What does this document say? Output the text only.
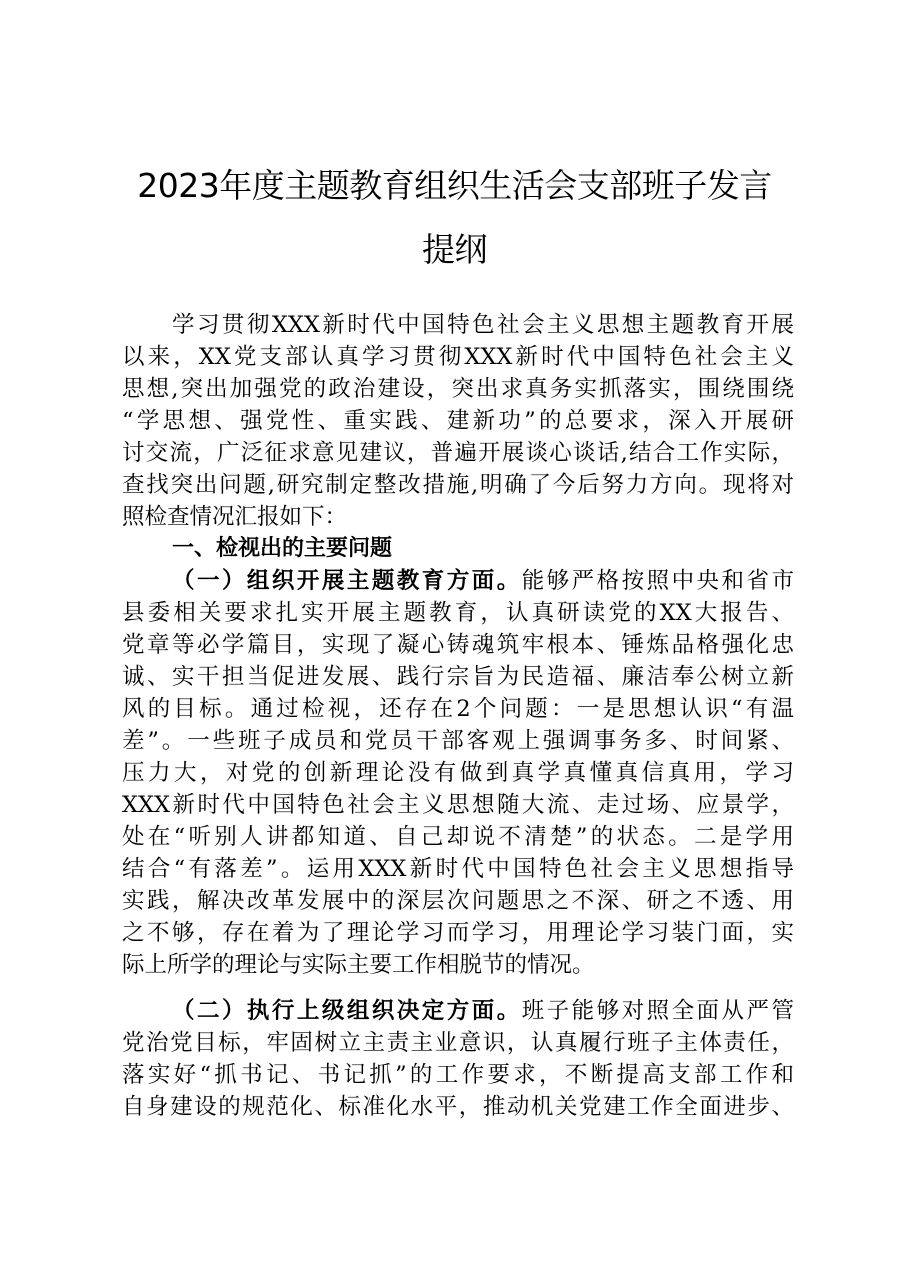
2023年度主题教育组织生活会支部班子发言
提纲
学习贯彻XXX新时代中国特色社会主义思想主题教育开展
以来，XX党支部认真学习贯彻XXX新时代中国特色社会主义
思想,突出加强党的政治建设，突出求真务实抓落实，围绕围绕
“学思想、强党性、重实践、建新功”的总要求，深入开展研
讨交流，广泛征求意见建议，普遍开展谈心谈话,结合工作实际，
查找突出问题,研究制定整改措施,明确了今后努力方向。现将对
照检查情况汇报如下：
一、检视出的主要问题
（一）组织开展主题教育方面。能够严格按照中央和省市
县委相关要求扎实开展主题教育，认真研读党的XX大报告、
党章等必学篇目，实现了凝心铸魂筑牢根本、锤炼品格强化忠
诚、实干担当促进发展、践行宗旨为民造福、廉洁奉公树立新
风的目标。通过检视，还存在2个问题：一是思想认识“有温
差”。一些班子成员和党员干部客观上强调事务多、时间紧、
压力大，对党的创新理论没有做到真学真懂真信真用，学习
XXX新时代中国特色社会主义思想随大流、走过场、应景学，
处在“听别人讲都知道、自己却说不清楚”的状态。二是学用
结合“有落差”。运用XXX新时代中国特色社会主义思想指导
实践，解决改革发展中的深层次问题思之不深、研之不透、用
之不够，存在着为了理论学习而学习，用理论学习装门面，实
际上所学的理论与实际主要工作相脱节的情况。
（二）执行上级组织决定方面。班子能够对照全面从严管
党治党目标，牢固树立主责主业意识，认真履行班子主体责任，
落实好“抓书记、书记抓”的工作要求，不断提高支部工作和
自身建设的规范化、标准化水平，推动机关党建工作全面进步、
